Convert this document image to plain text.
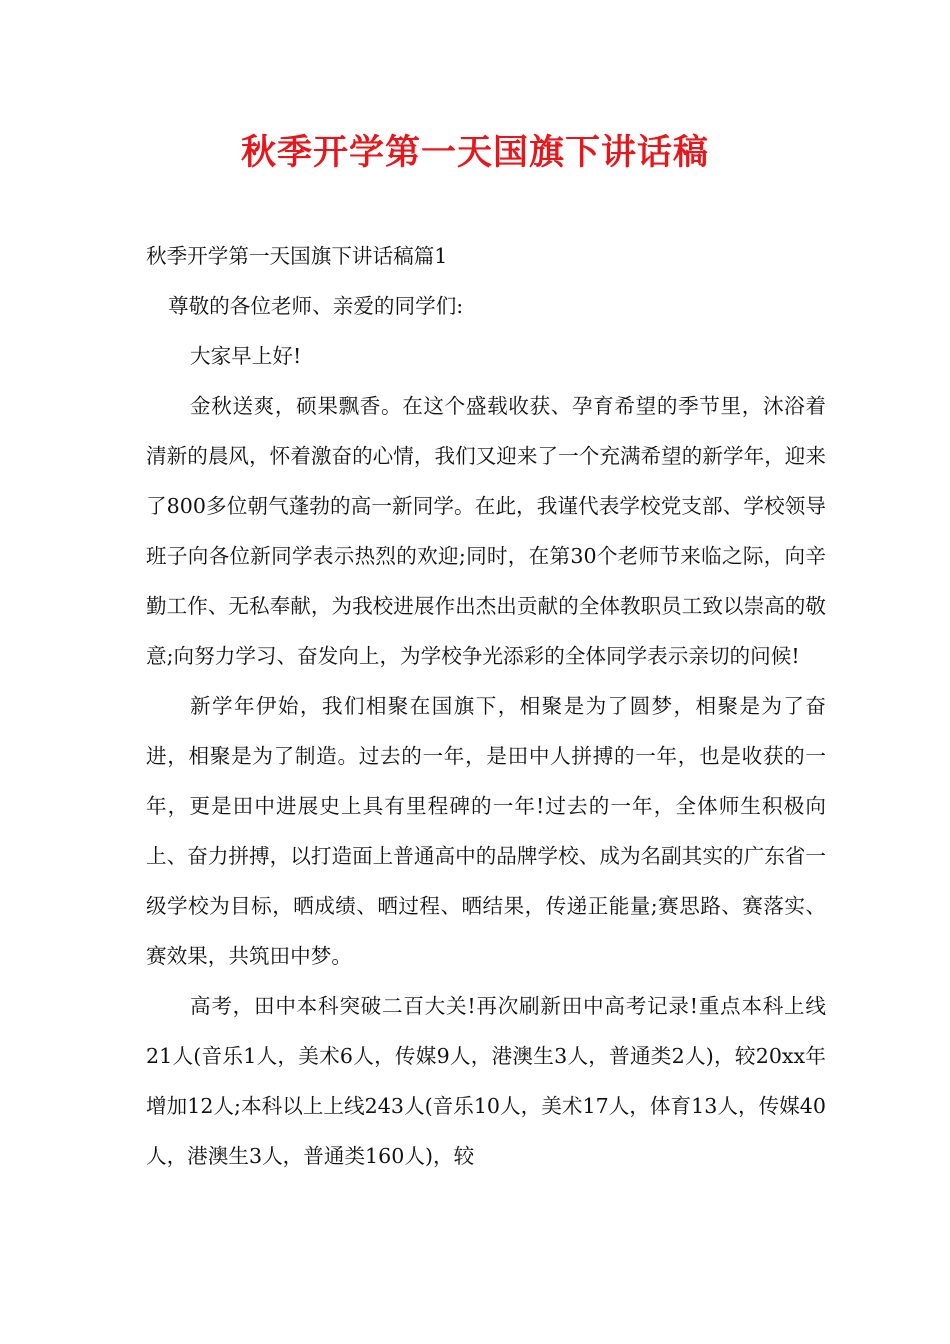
秋季开学第一天国旗下讲话稿

秋季开学第一天国旗下讲话稿篇1

尊敬的各位老师、亲爱的同学们:

大家早上好!

金秋送爽，硕果飘香。在这个盛载收获、孕育希望的季节里，沐浴着清新的晨风，怀着激奋的心情，我们又迎来了一个充满希望的新学年，迎来了800多位朝气蓬勃的高一新同学。在此，我谨代表学校党支部、学校领导班子向各位新同学表示热烈的欢迎;同时，在第30个老师节来临之际，向辛勤工作、无私奉献，为我校进展作出杰出贡献的全体教职员工致以崇高的敬意;向努力学习、奋发向上，为学校争光添彩的全体同学表示亲切的问候!

新学年伊始，我们相聚在国旗下，相聚是为了圆梦，相聚是为了奋进，相聚是为了制造。过去的一年，是田中人拼搏的一年，也是收获的一年，更是田中进展史上具有里程碑的一年!过去的一年，全体师生积极向上、奋力拼搏，以打造面上普通高中的品牌学校、成为名副其实的广东省一级学校为目标，晒成绩、晒过程、晒结果，传递正能量;赛思路、赛落实、赛效果，共筑田中梦。

高考，田中本科突破二百大关!再次刷新田中高考记录!重点本科上线21人(音乐1人，美术6人，传媒9人，港澳生3人，普通类2人)，较20xx年增加12人;本科以上上线243人(音乐10人，美术17人，体育13人，传媒40人，港澳生3人，普通类160人)，较
